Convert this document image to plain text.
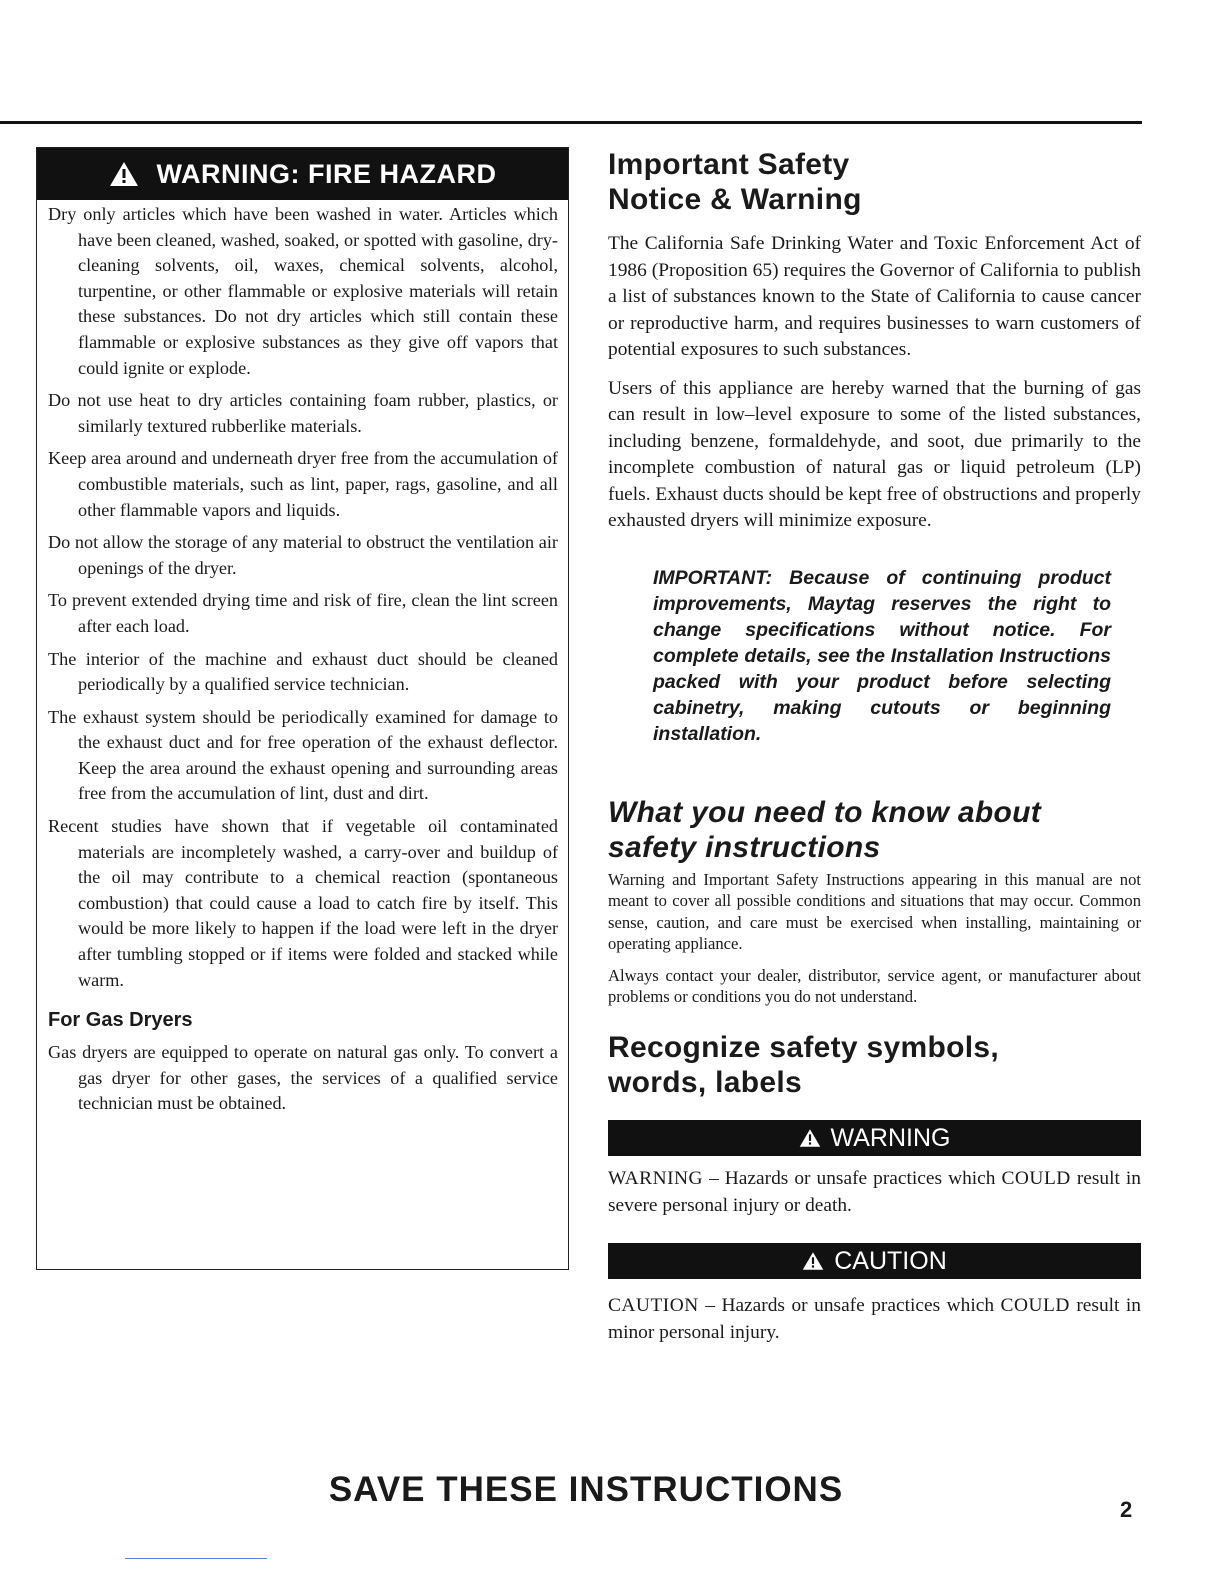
WARNING: FIRE HAZARD

Dry only articles which have been washed in water. Articles which have been cleaned, washed, soaked, or spotted with gasoline, dry-cleaning solvents, oil, waxes, chemical solvents, alcohol, turpentine, or other flammable or explosive materials will retain these substances. Do not dry articles which still contain these flammable or explosive substances as they give off vapors that could ignite or explode.

Do not use heat to dry articles containing foam rubber, plastics, or similarly textured rubberlike materials.

Keep area around and underneath dryer free from the accumulation of combustible materials, such as lint, paper, rags, gasoline, and all other flammable vapors and liquids.

Do not allow the storage of any material to obstruct the ventilation air openings of the dryer.

To prevent extended drying time and risk of fire, clean the lint screen after each load.

The interior of the machine and exhaust duct should be cleaned periodically by a qualified service technician.

The exhaust system should be periodically examined for damage to the exhaust duct and for free operation of the exhaust deflector. Keep the area around the exhaust opening and surrounding areas free from the accumulation of lint, dust and dirt.

Recent studies have shown that if vegetable oil contaminated materials are incompletely washed, a carry-over and buildup of the oil may contribute to a chemical reaction (spontaneous combustion) that could cause a load to catch fire by itself. This would be more likely to happen if the load were left in the dryer after tumbling stopped or if items were folded and stacked while warm.

For Gas Dryers

Gas dryers are equipped to operate on natural gas only. To convert a gas dryer for other gases, the services of a qualified service technician must be obtained.

Important Safety
Notice & Warning

The California Safe Drinking Water and Toxic Enforcement Act of 1986 (Proposition 65) requires the Governor of California to publish a list of substances known to the State of California to cause cancer or reproductive harm, and requires businesses to warn customers of potential exposures to such substances.

Users of this appliance are hereby warned that the burning of gas can result in low–level exposure to some of the listed substances, including benzene, formaldehyde, and soot, due primarily to the incomplete combustion of natural gas or liquid petroleum (LP) fuels. Exhaust ducts should be kept free of obstructions and properly exhausted dryers will minimize exposure.

IMPORTANT: Because of continuing product improvements, Maytag reserves the right to change specifications without notice. For complete details, see the Installation Instructions packed with your product before selecting cabinetry, making cutouts or beginning installation.

What you need to know about
safety instructions

Warning and Important Safety Instructions appearing in this manual are not meant to cover all possible conditions and situations that may occur. Common sense, caution, and care must be exercised when installing, maintaining or operating appliance.

Always contact your dealer, distributor, service agent, or manufacturer about problems or conditions you do not understand.

Recognize safety symbols,
words, labels
WARNING

WARNING – Hazards or unsafe practices which COULD result in severe personal injury or death.

CAUTION

CAUTION – Hazards or unsafe practices which COULD result in minor personal injury.

SAVE THESE INSTRUCTIONS
2
